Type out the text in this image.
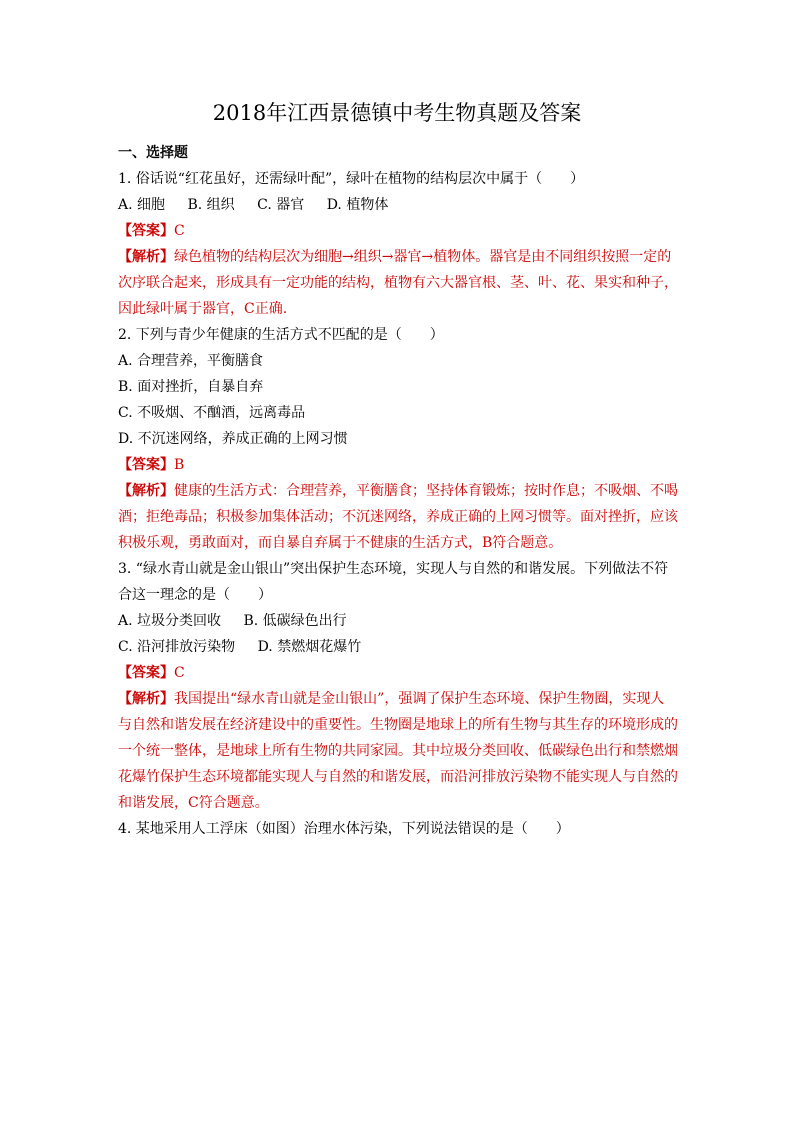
2018年江西景德镇中考生物真题及答案

一、选择题

1. 俗话说“红花虽好，还需绿叶配”，绿叶在植物的结构层次中属于（　　）

A. 细胞 B. 组织 C. 器官 D. 植物体

【答案】C

【解析】绿色植物的结构层次为细胞→组织→器官→植物体。器官是由不同组织按照一定的次序联合起来，形成具有一定功能的结构，植物有六大器官根、茎、叶、花、果实和种子，因此绿叶属于器官，C正确.

2. 下列与青少年健康的生活方式不匹配的是（　　）

A. 合理营养，平衡膳食

B. 面对挫折，自暴自弃

C. 不吸烟、不酗酒，远离毒品

D. 不沉迷网络，养成正确的上网习惯

【答案】B

【解析】健康的生活方式：合理营养，平衡膳食；坚持体育锻炼；按时作息；不吸烟、不喝酒；拒绝毒品；积极参加集体活动；不沉迷网络，养成正确的上网习惯等。面对挫折，应该积极乐观，勇敢面对，而自暴自弃属于不健康的生活方式，B符合题意。

3. “绿水青山就是金山银山”突出保护生态环境，实现人与自然的和谐发展。下列做法不符合这一理念的是（　　）

A. 垃圾分类回收 B. 低碳绿色出行

C. 沿河排放污染物 D. 禁燃烟花爆竹

【答案】C

【解析】我国提出“绿水青山就是金山银山”，强调了保护生态环境、保护生物圈，实现人与自然和谐发展在经济建设中的重要性。生物圈是地球上的所有生物与其生存的环境形成的一个统一整体，是地球上所有生物的共同家园。其中垃圾分类回收、低碳绿色出行和禁燃烟花爆竹保护生态环境都能实现人与自然的和谐发展，而沿河排放污染物不能实现人与自然的和谐发展，C符合题意。

4. 某地采用人工浮床（如图）治理水体污染，下列说法错误的是（　　）
